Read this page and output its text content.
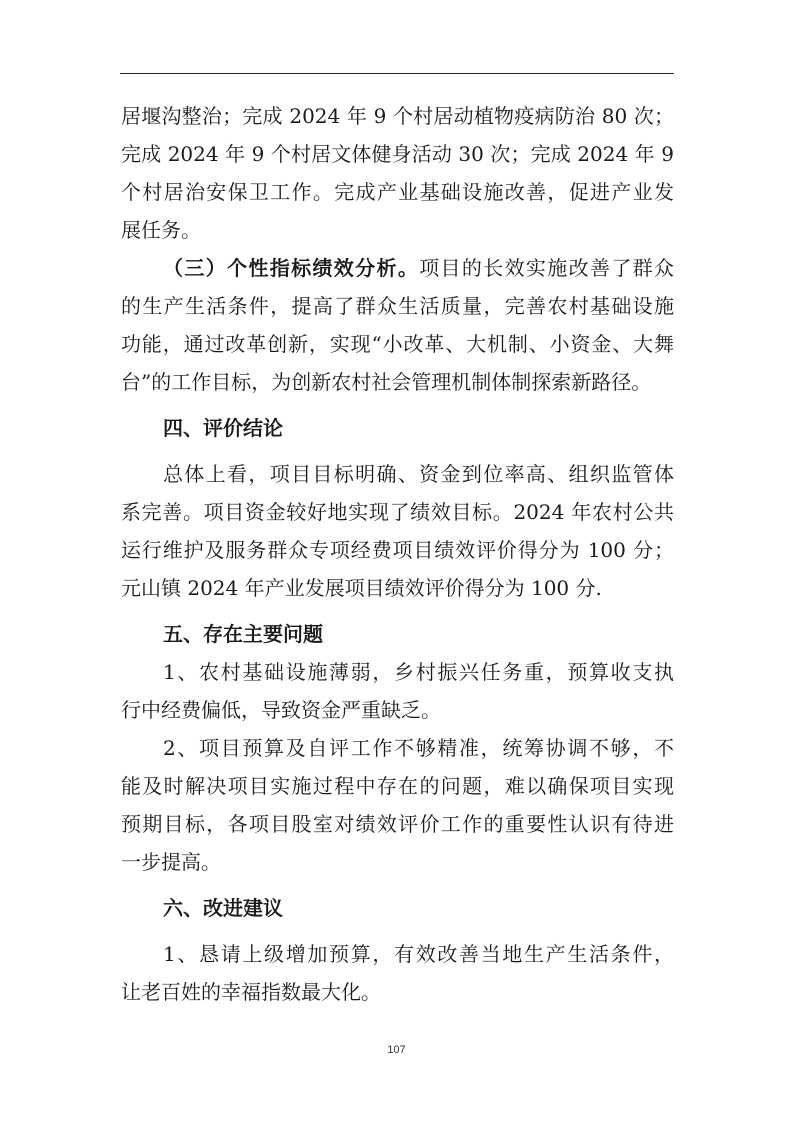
居堰沟整治；完成 2024 年 9 个村居动植物疫病防治 80 次；
完成 2024 年 9 个村居文体健身活动 30 次；完成 2024 年 9
个村居治安保卫工作。完成产业基础设施改善，促进产业发
展任务。
（三）个性指标绩效分析。项目的长效实施改善了群众
的生产生活条件，提高了群众生活质量，完善农村基础设施
功能，通过改革创新，实现“小改革、大机制、小资金、大舞
台”的工作目标，为创新农村社会管理机制体制探索新路径。
四、评价结论
总体上看，项目目标明确、资金到位率高、组织监管体
系完善。项目资金较好地实现了绩效目标。2024 年农村公共
运行维护及服务群众专项经费项目绩效评价得分为 100 分；
元山镇 2024 年产业发展项目绩效评价得分为 100 分.
五、存在主要问题
1、农村基础设施薄弱，乡村振兴任务重，预算收支执
行中经费偏低，导致资金严重缺乏。
2、项目预算及自评工作不够精准，统筹协调不够，不
能及时解决项目实施过程中存在的问题，难以确保项目实现
预期目标，各项目股室对绩效评价工作的重要性认识有待进
一步提高。
六、改进建议
1、恳请上级增加预算，有效改善当地生产生活条件，
让老百姓的幸福指数最大化。
107
